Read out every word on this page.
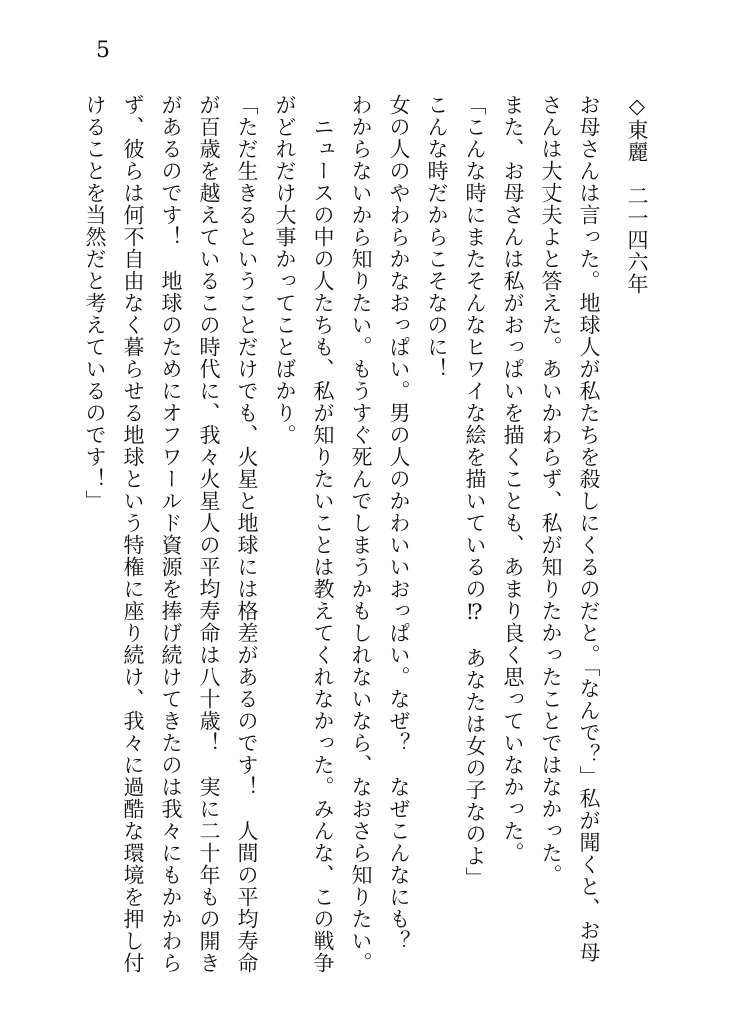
5
◇東麗　二一四六年
お母さんは言った。地球人が私たちを殺しにくるのだと。「なんで？」私が聞くと、お母さんは大丈夫よと答えた。あいかわらず、私が知りたかったことではなかった。
また、お母さんは私がおっぱいを描くことも、あまり良く思っていなかった。
「こんな時にまたそんなヒワイな絵を描いているの⁉　あなたは女の子なのよ」
こんな時だからこそなのに！
女の人のやわらかなおっぱい。男の人のかわいいおっぱい。なぜ？　なぜこんなにも？　わからないから知りたい。もうすぐ死んでしまうかもしれないなら、なおさら知りたい。
　ニュースの中の人たちも、私が知りたいことは教えてくれなかった。みんな、この戦争がどれだけ大事かってことばかり。
「ただ生きるということだけでも、火星と地球には格差があるのです！　人間の平均寿命が百歳を越えているこの時代に、我々火星人の平均寿命は八十歳！　実に二十年もの開きがあるのです！　地球のためにオフワールド資源を捧げ続けてきたのは我々にもかかわらず、彼らは何不自由なく暮らせる地球という特権に座り続け、我々に過酷な環境を押し付けることを当然だと考えているのです！」
